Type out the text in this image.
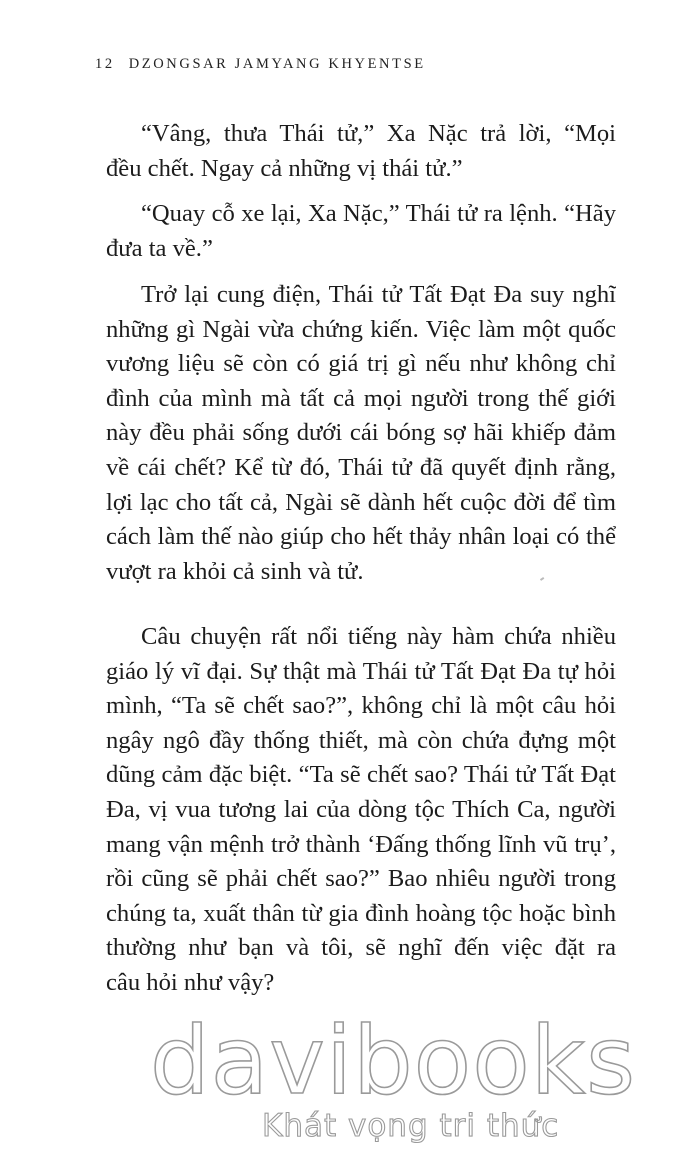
12 DZONGSAR JAMYANG KHYENTSE
“Vâng, thưa Thái tử,” Xa Nặc trả lời, “Mọi
đều chết. Ngay cả những vị thái tử.”
“Quay cỗ xe lại, Xa Nặc,” Thái tử ra lệnh. “Hãy
đưa ta về.”
Trở lại cung điện, Thái tử Tất Đạt Đa suy nghĩ
những gì Ngài vừa chứng kiến. Việc làm một quốc
vương liệu sẽ còn có giá trị gì nếu như không chỉ
đình của mình mà tất cả mọi người trong thế giới
này đều phải sống dưới cái bóng sợ hãi khiếp đảm
về cái chết? Kể từ đó, Thái tử đã quyết định rằng,
lợi lạc cho tất cả, Ngài sẽ dành hết cuộc đời để tìm
cách làm thế nào giúp cho hết thảy nhân loại có thể
vượt ra khỏi cả sinh và tử.
Câu chuyện rất nổi tiếng này hàm chứa nhiều
giáo lý vĩ đại. Sự thật mà Thái tử Tất Đạt Đa tự hỏi
mình, “Ta sẽ chết sao?”, không chỉ là một câu hỏi
ngây ngô đầy thống thiết, mà còn chứa đựng một
dũng cảm đặc biệt. “Ta sẽ chết sao? Thái tử Tất Đạt
Đa, vị vua tương lai của dòng tộc Thích Ca, người
mang vận mệnh trở thành ‘Đấng thống lĩnh vũ trụ’,
rồi cũng sẽ phải chết sao?” Bao nhiêu người trong
chúng ta, xuất thân từ gia đình hoàng tộc hoặc bình
thường như bạn và tôi, sẽ nghĩ đến việc đặt ra
câu hỏi như vậy?
davibooks
Khát vọng tri thức
